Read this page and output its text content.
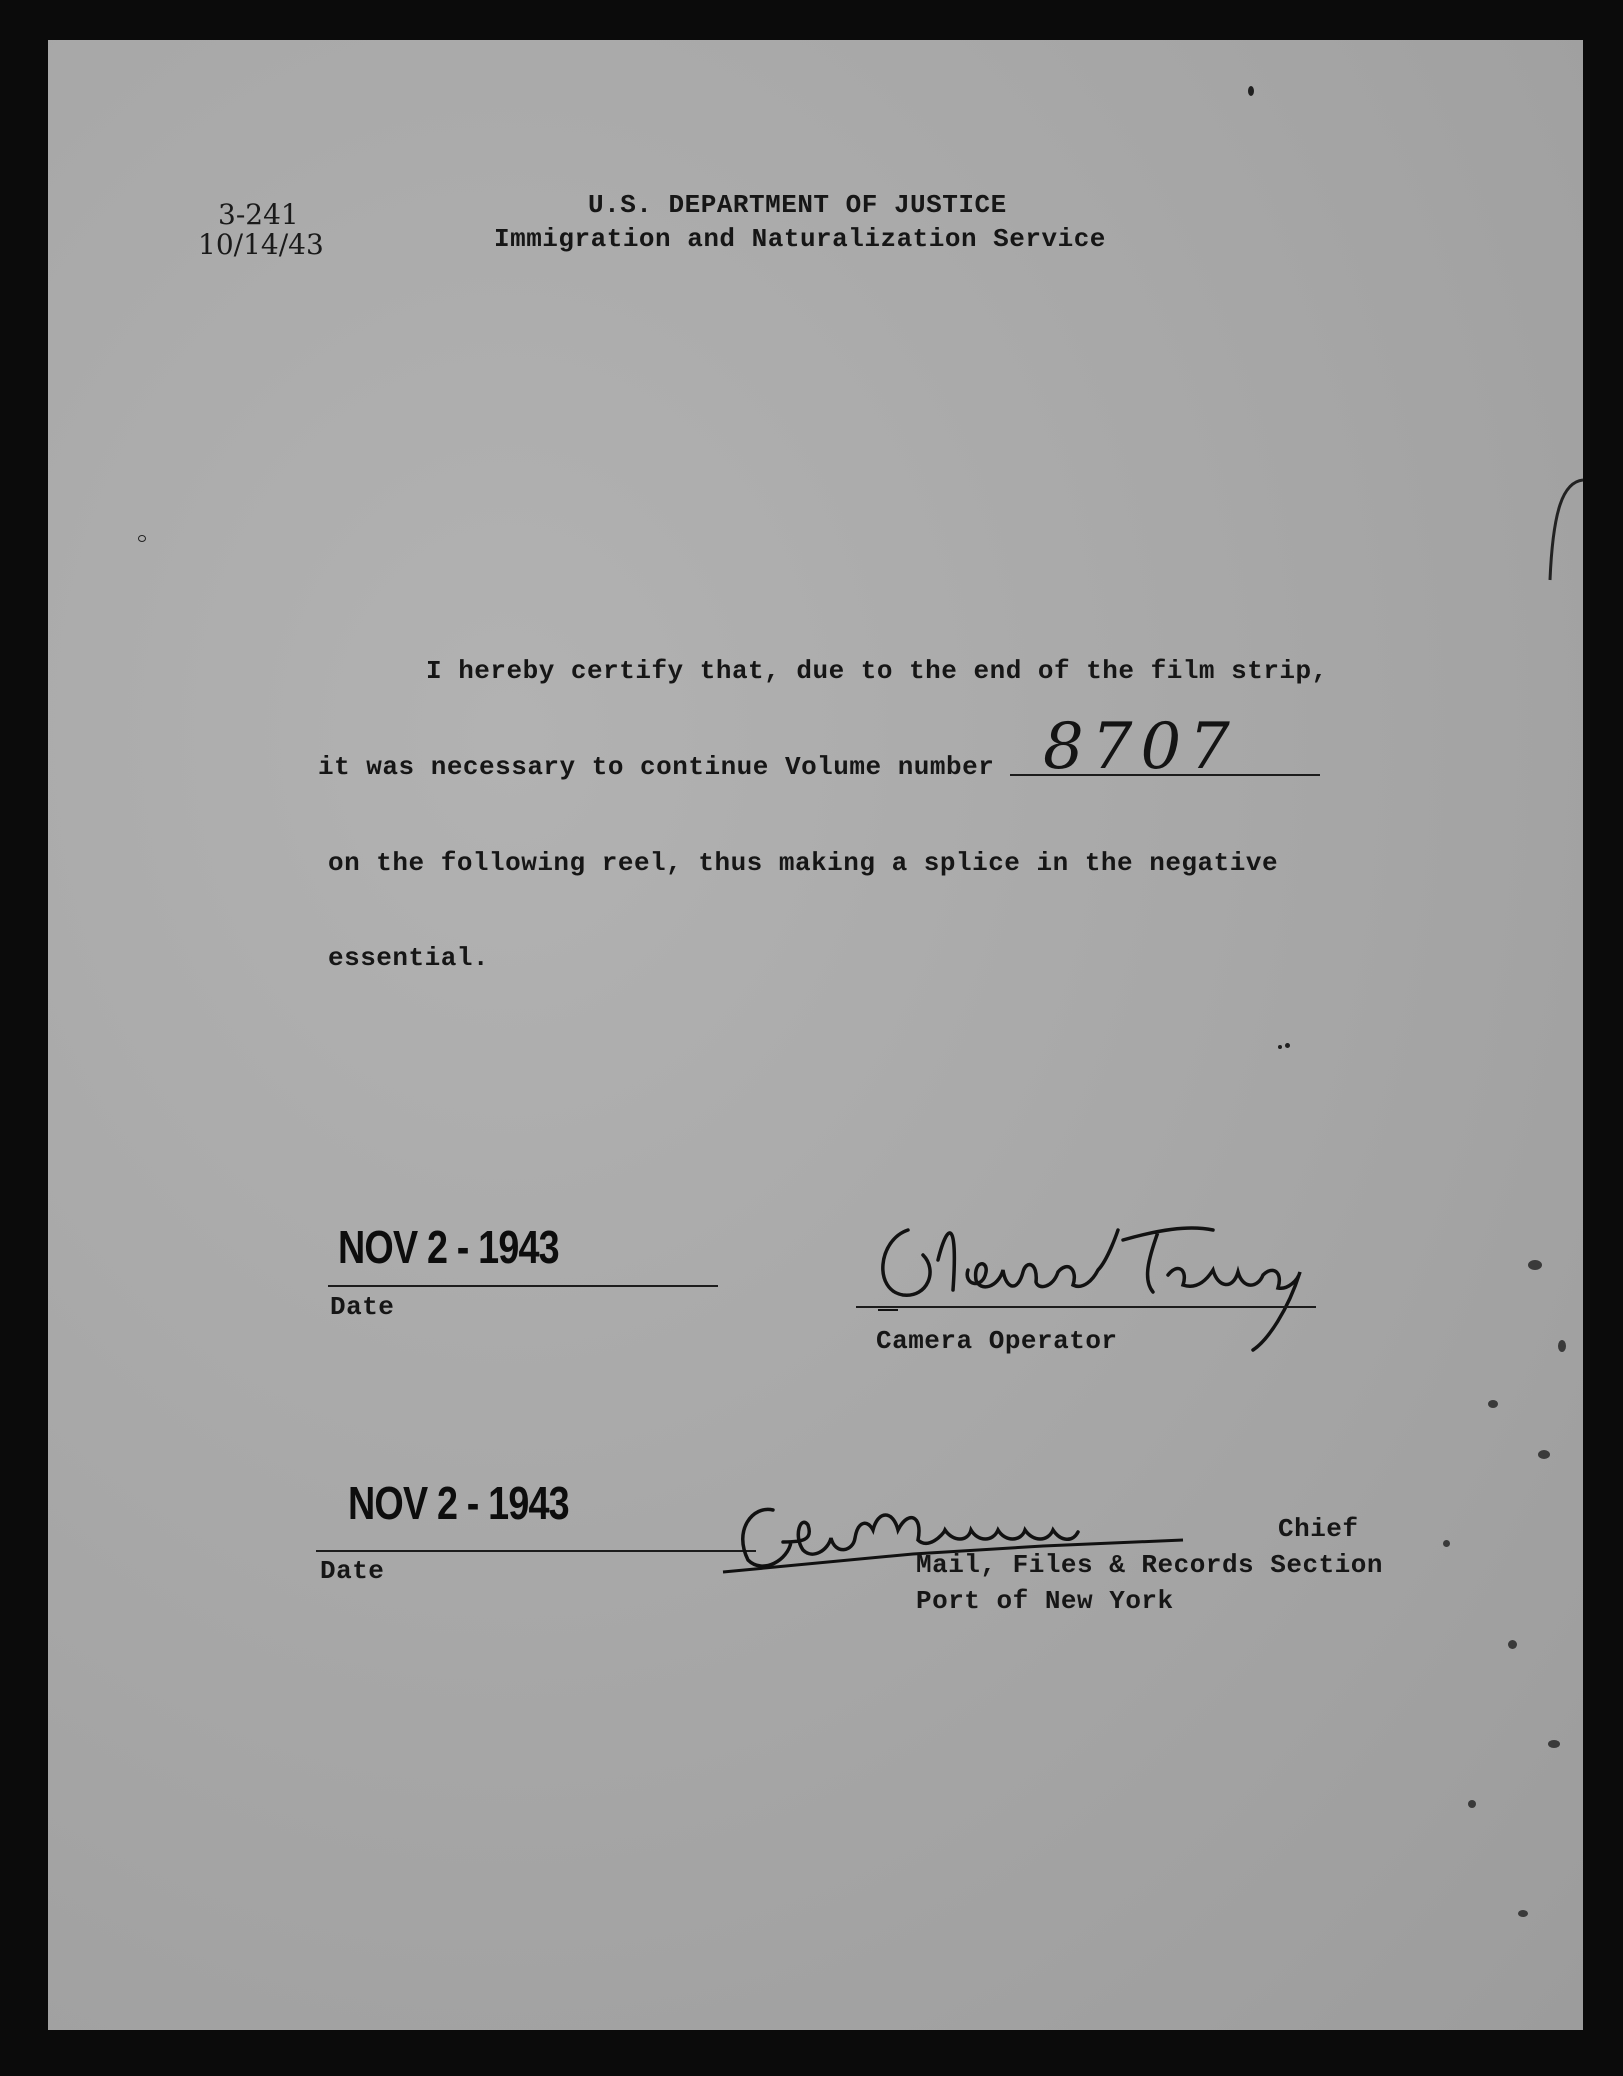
3-241
10/14/43
U.S. DEPARTMENT OF JUSTICE
Immigration and Naturalization Service
I hereby certify that, due to the end of the film strip,
it was necessary to continue Volume number 8707
on the following reel, thus making a splice in the negative
essential.
NOV 2 - 1943
Date
Camera Operator
NOV 2 - 1943
Date
Chief
Mail, Files & Records Section
Port of New York
